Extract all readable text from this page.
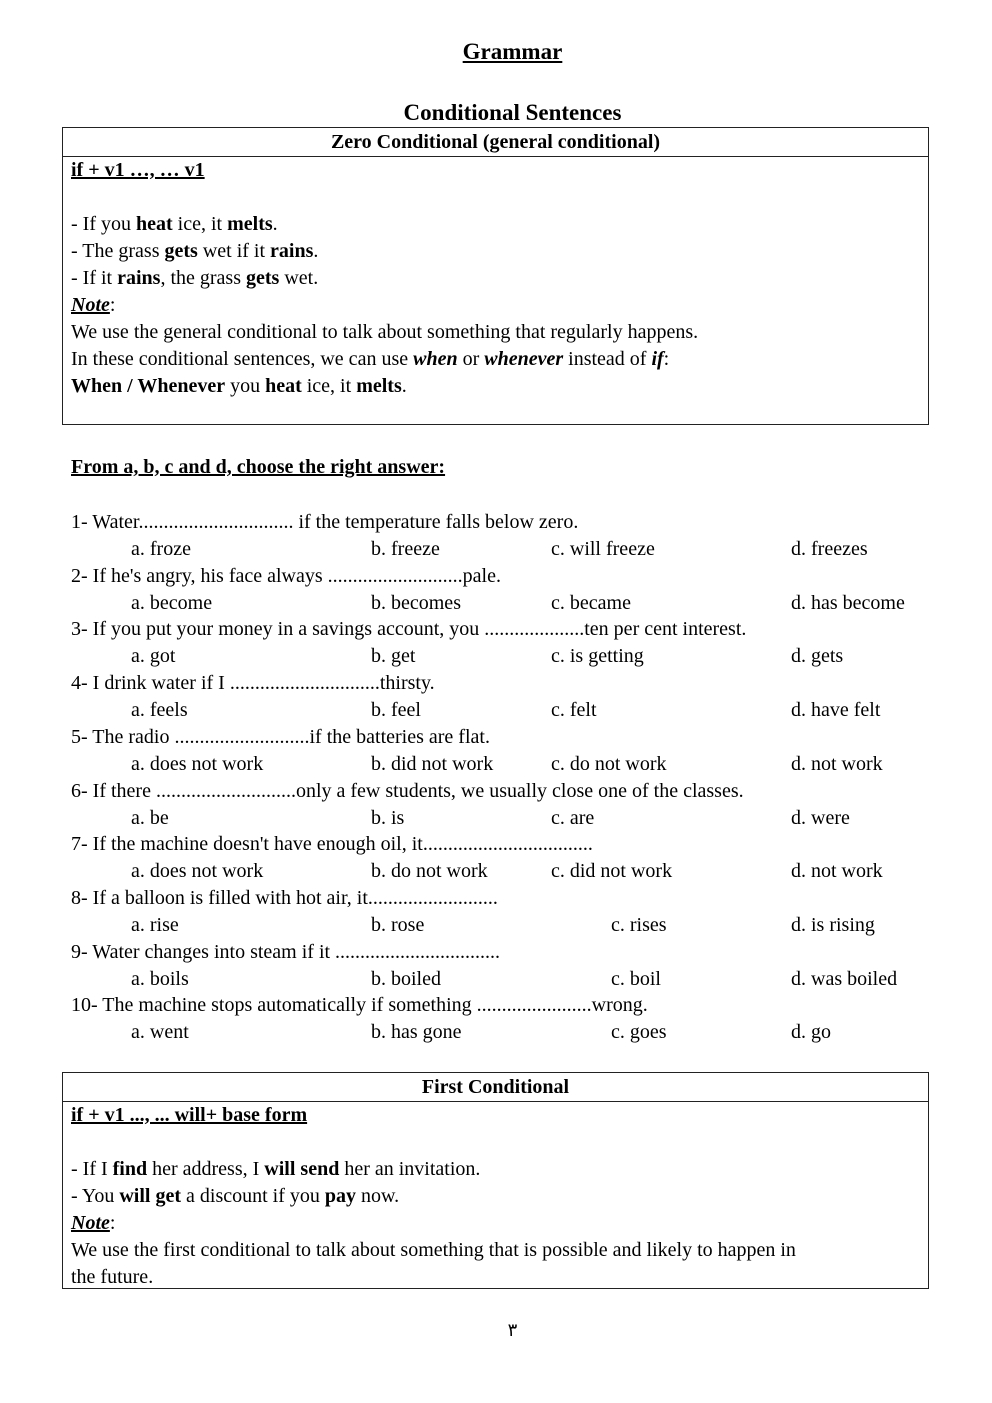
Grammar
Conditional Sentences
Zero Conditional (general conditional)
if + v1 …, … v1
- If you heat ice, it melts.
- The grass gets wet if it rains.
- If it rains, the grass gets wet.
Note:
We use the general conditional to talk about something that regularly happens.
In these conditional sentences, we can use when or whenever instead of if:
When / Whenever you heat ice, it melts.
From a, b, c and d, choose the right answer:
1- Water............................... if the temperature falls below zero.
a. froze	b. freeze	c. will freeze	d. freezes
2- If he's angry, his face always ...........................pale.
a. become	b. becomes	c. became	d. has become
3- If you put your money in a savings account, you ....................ten per cent interest.
a. got	b. get	c. is getting	d. gets
4- I drink water if I ..............................thirsty.
a. feels	b. feel	c. felt	d. have felt
5- The radio ...........................if the batteries are flat.
a. does not work	b. did not work	c. do not work	d. not work
6- If there ............................only a few students, we usually close one of the classes.
a. be	b. is	c. are	d. were
7- If the machine doesn't have enough oil, it..................................
a. does not work	b. do not work	c. did not work	d. not work
8- If a balloon is filled with hot air, it..........................
a. rise	b. rose	c. rises	d. is rising
9- Water changes into steam if it .................................
a. boils	b. boiled	c. boil	d. was boiled
10- The machine stops automatically if something .......................wrong.
a. went	b. has gone	c. goes	d. go
First Conditional
if + v1 ..., ... will+ base form
- If I find her address, I will send her an invitation.
- You will get a discount if you pay now.
Note:
We use the first conditional to talk about something that is possible and likely to happen in
the future.
٣
